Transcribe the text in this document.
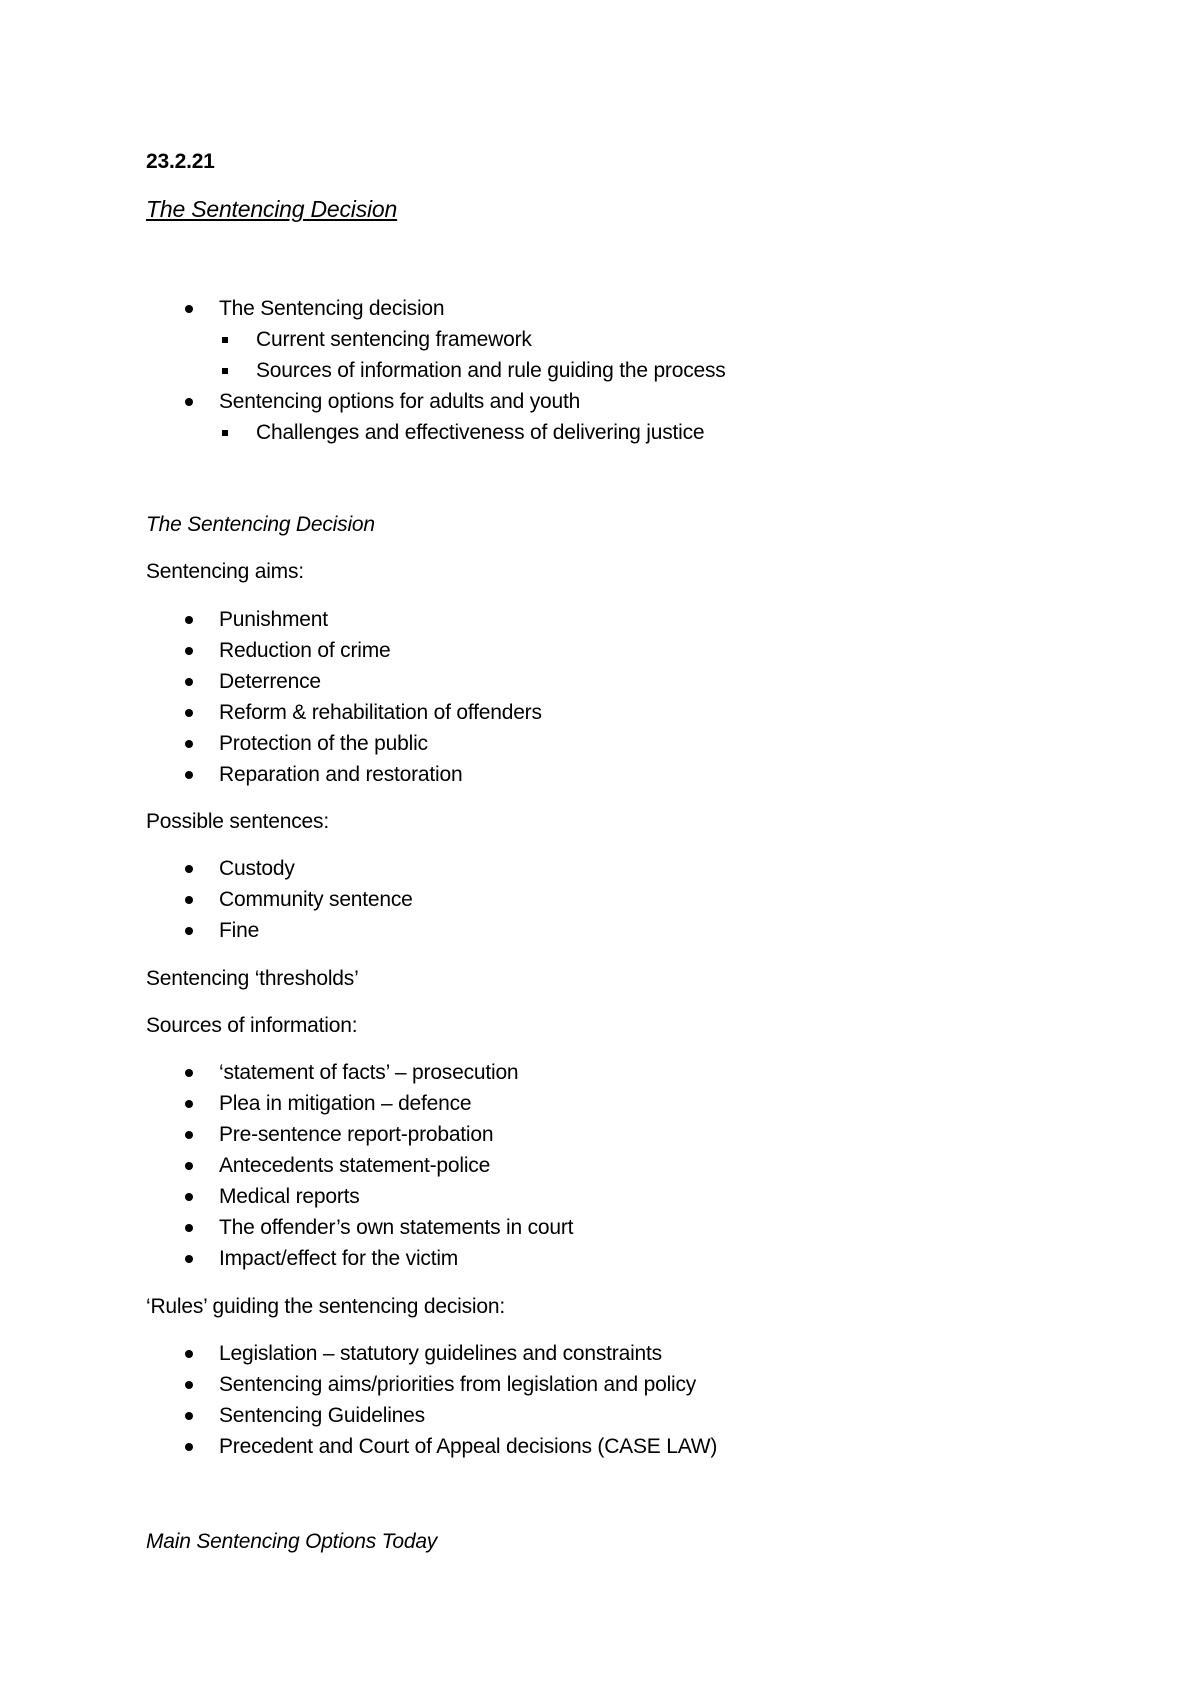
23.2.21
The Sentencing Decision
The Sentencing decision
Current sentencing framework
Sources of information and rule guiding the process
Sentencing options for adults and youth
Challenges and effectiveness of delivering justice
The Sentencing Decision
Sentencing aims:
Punishment
Reduction of crime
Deterrence
Reform & rehabilitation of offenders
Protection of the public
Reparation and restoration
Possible sentences:
Custody
Community sentence
Fine
Sentencing ‘thresholds’
Sources of information:
‘statement of facts’ – prosecution
Plea in mitigation – defence
Pre-sentence report-probation
Antecedents statement-police
Medical reports
The offender’s own statements in court
Impact/effect for the victim
‘Rules’ guiding the sentencing decision:
Legislation – statutory guidelines and constraints
Sentencing aims/priorities from legislation and policy
Sentencing Guidelines
Precedent and Court of Appeal decisions (CASE LAW)
Main Sentencing Options Today
